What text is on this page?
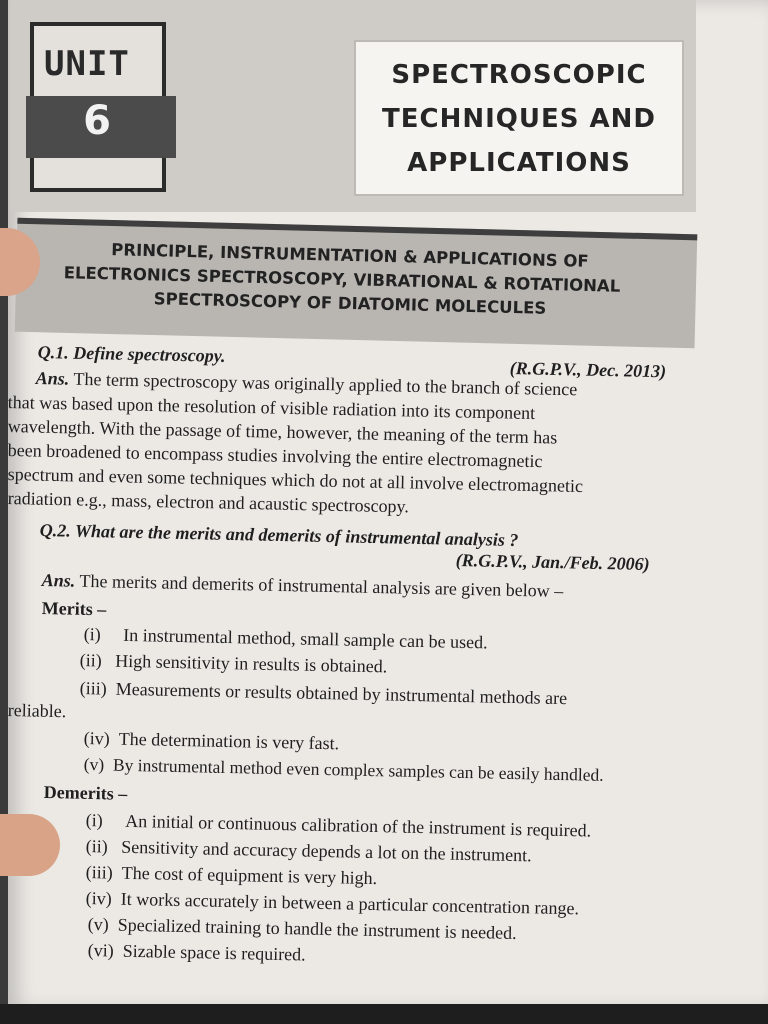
UNIT
6
SPECTROSCOPIC
TECHNIQUES AND
APPLICATIONS
PRINCIPLE, INSTRUMENTATION & APPLICATIONS OF
ELECTRONICS SPECTROSCOPY, VIBRATIONAL & ROTATIONAL
SPECTROSCOPY OF DIATOMIC MOLECULES
Q.1. Define spectroscopy.
(R.G.P.V., Dec. 2013)
Ans. The term spectroscopy was originally applied to the branch of science
that was based upon the resolution of visible radiation into its component
wavelength. With the passage of time, however, the meaning of the term has
been broadened to encompass studies involving the entire electromagnetic
spectrum and even some techniques which do not at all involve electromagnetic
radiation e.g., mass, electron and acaustic spectroscopy.
Q.2. What are the merits and demerits of instrumental analysis ?
(R.G.P.V., Jan./Feb. 2006)
Ans. The merits and demerits of instrumental analysis are given below –
Merits –
(i) In instrumental method, small sample can be used.
(ii) High sensitivity in results is obtained.
(iii) Measurements or results obtained by instrumental methods are
reliable.
(iv) The determination is very fast.
(v) By instrumental method even complex samples can be easily handled.
Demerits –
(i) An initial or continuous calibration of the instrument is required.
(ii) Sensitivity and accuracy depends a lot on the instrument.
(iii) The cost of equipment is very high.
(iv) It works accurately in between a particular concentration range.
(v) Specialized training to handle the instrument is needed.
(vi) Sizable space is required.
